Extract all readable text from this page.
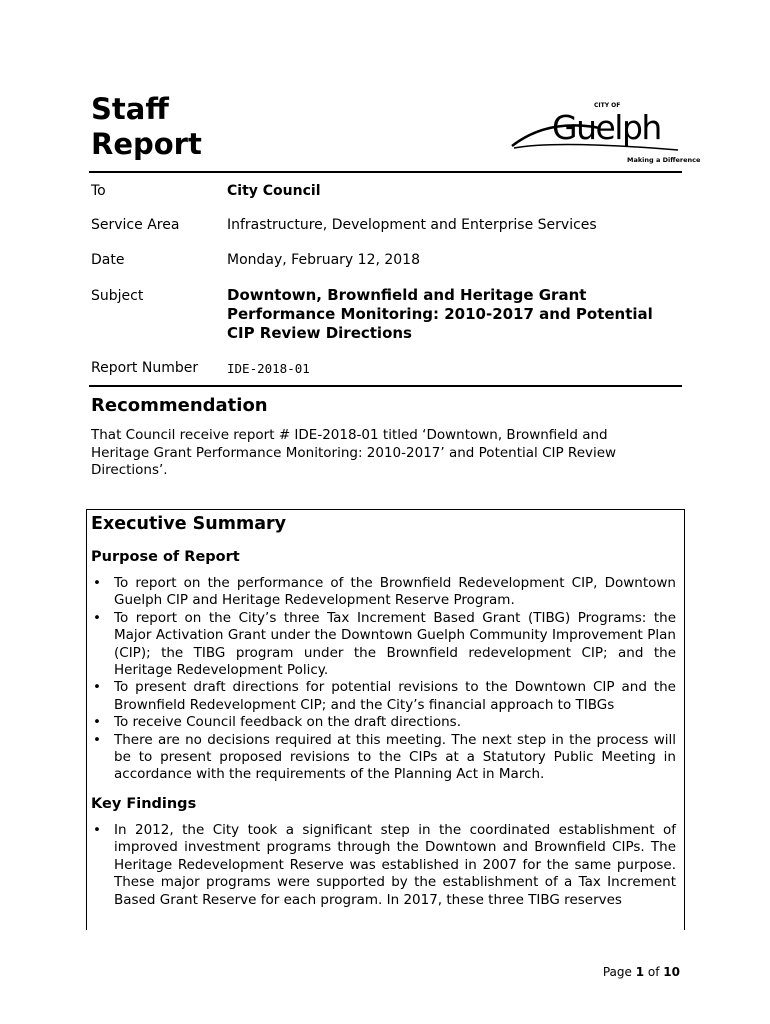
Staff
Report
CITY OF
Guelph
Making a Difference
To	City Council
Service Area	Infrastructure, Development and Enterprise Services
Date	Monday, February 12, 2018
Subject	Downtown, Brownfield and Heritage Grant
Performance Monitoring: 2010-2017 and Potential
CIP Review Directions
Report Number IDE-2018-01
Recommendation

That Council receive report # IDE-2018-01 titled ‘Downtown, Brownfield and Heritage Grant Performance Monitoring: 2010-2017’ and Potential CIP Review Directions’.

Executive Summary
Purpose of Report
• To report on the performance of the Brownfield Redevelopment CIP, Downtown Guelph CIP and Heritage Redevelopment Reserve Program.
• To report on the City’s three Tax Increment Based Grant (TIBG) Programs: the Major Activation Grant under the Downtown Guelph Community Improvement Plan (CIP); the TIBG program under the Brownfield redevelopment CIP; and the Heritage Redevelopment Policy.
• To present draft directions for potential revisions to the Downtown CIP and the Brownfield Redevelopment CIP; and the City’s financial approach to TIBGs
• To receive Council feedback on the draft directions.
• There are no decisions required at this meeting. The next step in the process will be to present proposed revisions to the CIPs at a Statutory Public Meeting in accordance with the requirements of the Planning Act in March.
Key Findings
• In 2012, the City took a significant step in the coordinated establishment of improved investment programs through the Downtown and Brownfield CIPs. The Heritage Redevelopment Reserve was established in 2007 for the same purpose. These major programs were supported by the establishment of a Tax Increment Based Grant Reserve for each program. In 2017, these three TIBG reserves
Page 1 of 10
